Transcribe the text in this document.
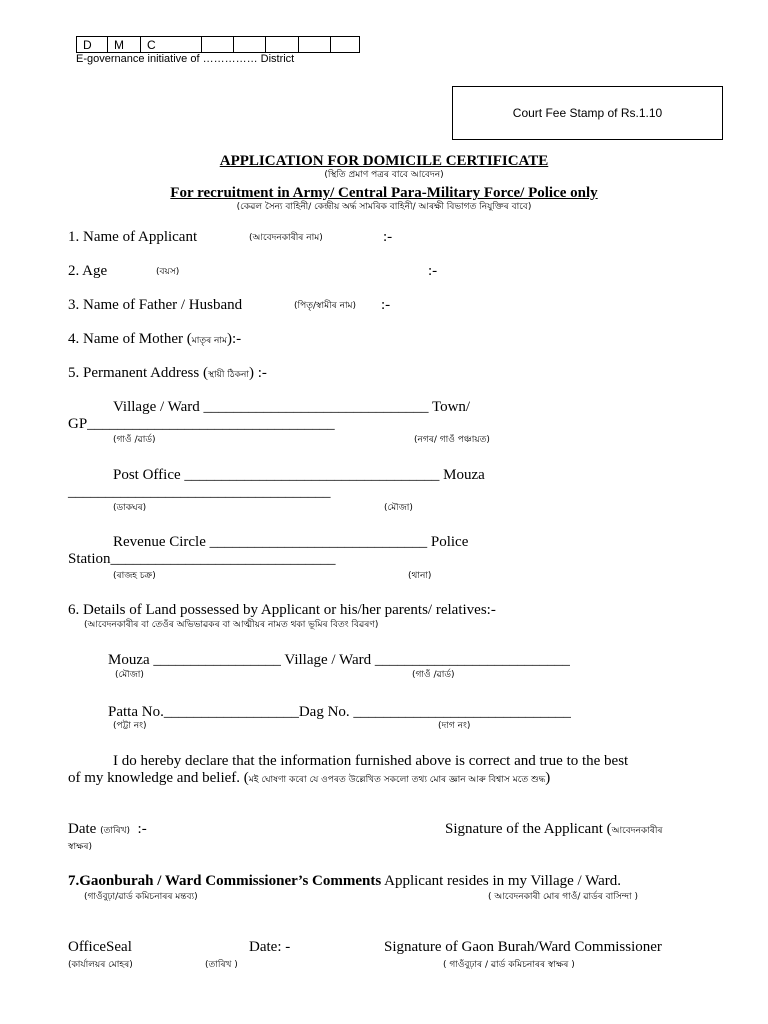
D	M	C					
E-governance initiative of …………… District
Court Fee Stamp of Rs.1.10
APPLICATION FOR DOMICILE CERTIFICATE
(স্থিতি প্ৰমাণ পত্ৰৰ বাবে আবেদন)
For recruitment in Army/ Central Para-Military Force/ Police only
(কেৱল সৈন্য বাহিনী/ কেন্দ্ৰীয় অৰ্দ্ধ সামৰিক বাহিনী/ আৰক্ষী বিভাগত নিযুক্তিৰ বাবে)
1. Name of Applicant	(আবেদনকাৰীৰ নাম)	:-
2. Age	(বয়স)	:-
3. Name of Father / Husband	(পিতৃ/স্বামীৰ নাম) :-
4. Name of Mother (মাতৃৰ নাম):-
5. Permanent Address (স্থায়ী ঠিকনা) :-
Village / Ward ______________________________ Town/
GP_________________________________
(গাওঁ /ৱাৰ্ড)	(নগৰ/ গাওঁ পঞ্চায়ত)
Post Office __________________________________ Mouza
___________________________________
(ডাকঘৰ)	(মৌজা)
Revenue Circle _____________________________ Police
Station______________________________
(ৰাজহ চক্ৰ)	(থানা)
6. Details of Land possessed by Applicant or his/her parents/ relatives:-
(আবেদনকাৰীৰ বা তেওঁৰ অভিভাৱকৰ বা আত্মীয়ৰ নামত থকা ভূমিৰ বিতং বিৱৰণ)
Mouza _________________ Village / Ward __________________________
(মৌজা)	(গাওঁ /ৱাৰ্ড)
Patta No.__________________Dag No. _____________________________
(পট্টা নং)	(দাগ নং)
I do hereby declare that the information furnished above is correct and true to the best
of my knowledge and belief. (মই ঘোষণা কৰো যে ওপৰত উল্লেখিত সকলো তথ্য মোৰ জ্ঞান আৰু বিশ্বাস মতে শুদ্ধ)
Date (তাৰিখ) :-	Signature of the Applicant (আবেদনকাৰীৰ
স্বাক্ষৰ)
7.Gaonburah / Ward Commissioner’s Comments Applicant resides in my Village / Ward.
(গাওঁবুঢ়া/ৱাৰ্ড কমিচনাৰৰ মন্তব্য)	( আবেদনকাৰী মোৰ গাওঁ/ ৱাৰ্ডৰ বাসিন্দা )
OfficeSeal
(কাৰ্যালয়ৰ মোহৰ)
Date: -
(তাৰিখ )
Signature of Gaon Burah/Ward Commissioner
( গাওঁবুঢ়াৰ / ৱাৰ্ড কমিচনাৰৰ স্বাক্ষৰ )
